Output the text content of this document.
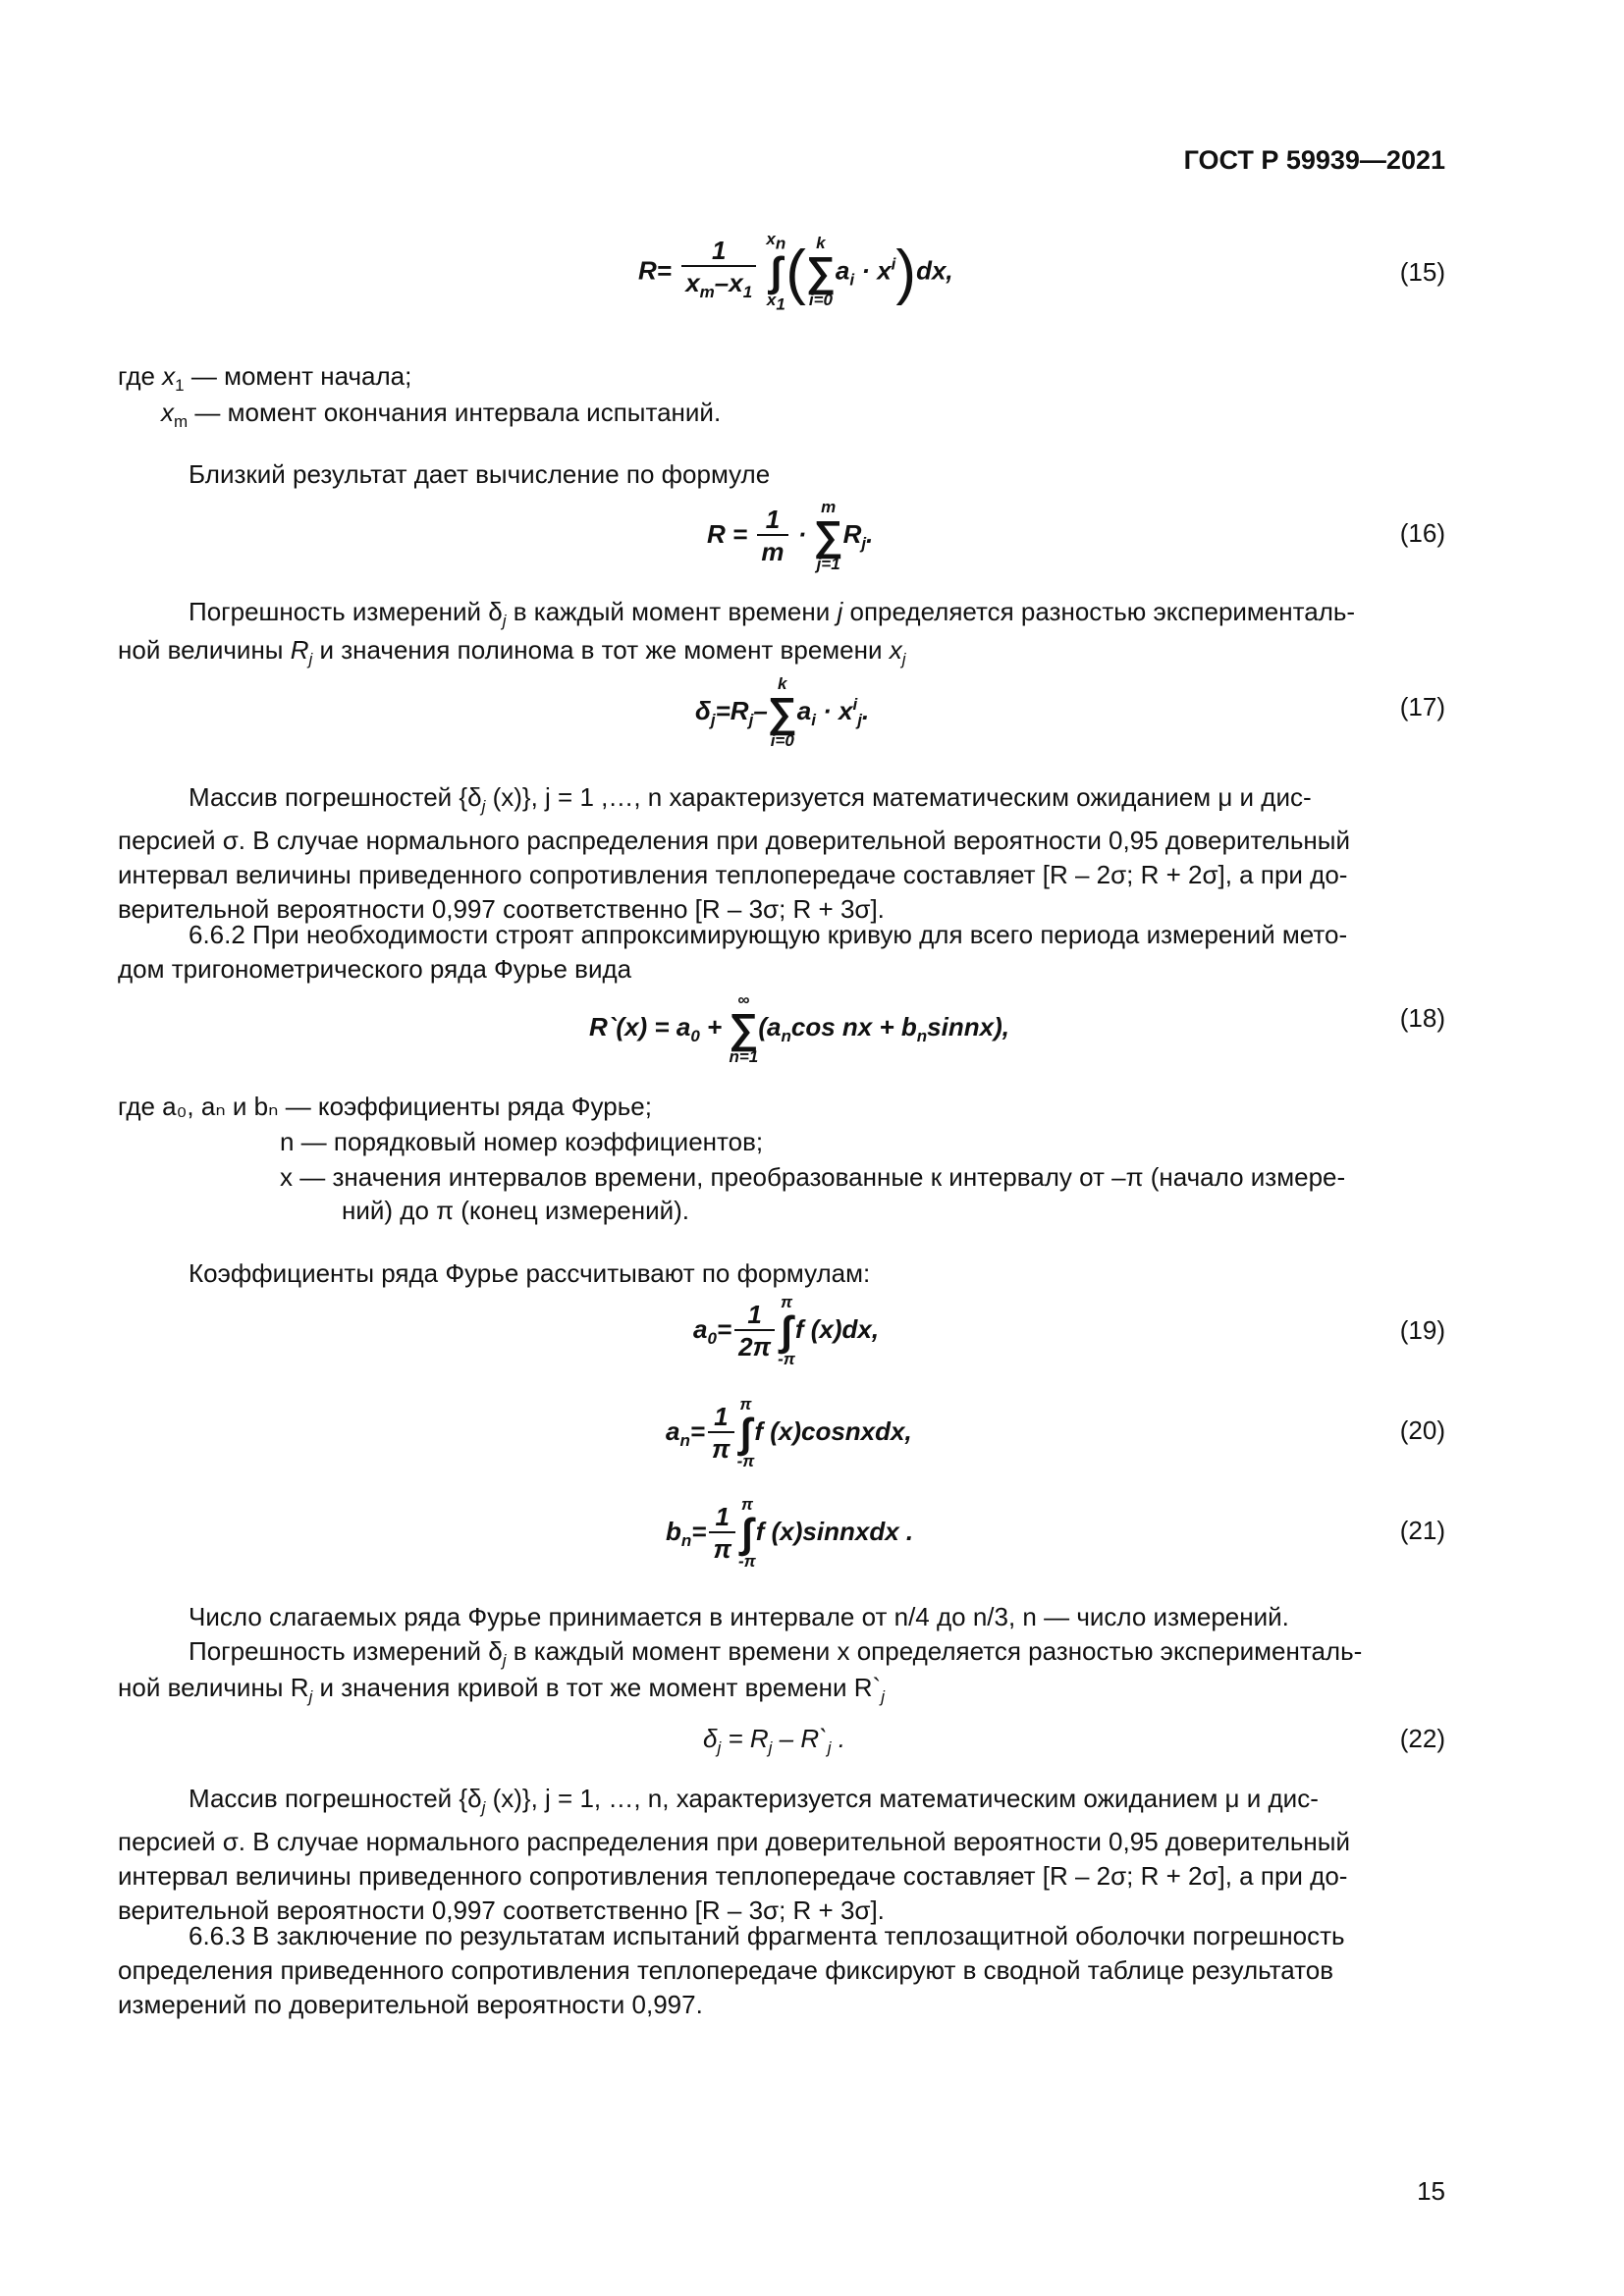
ГОСТ Р 59939—2021
$R= \frac{1}{x_m-x_1}$
$x_n$
∫
$x_1$ ( k
∑
i=0
$a_i \cdot x^i)dx$,	(15)
где $x_1$ — момент начала;
$x_m$ — момент окончания интервала испытаний.
Близкий результат дает вычисление по формуле
$R = \frac{1}{m}$ ·
m
∑
j=1
$R_j$.	(16)
Погрешность измерений $\delta_j$ в каждый момент времени j определяется разностью эксперименталь-
ной величины $R_j$ и значения полинома в тот же момент времени $x_j$
$\delta_j=R_j-$
k
∑
i=0
$a_i \cdot x^i_j$.	(17)
Массив погрешностей {$\delta_j$ (x)}, j = 1 ,…, n характеризуется математическим ожиданием μ и дис-
персией σ. В случае нормального распределения при доверительной вероятности 0,95 доверительный
интервал величины приведенного сопротивления теплопередаче составляет [R – 2σ; R + 2σ], а при до-
верительной вероятности 0,997 соответственно [R – 3σ; R + 3σ].
6.6.2 При необходимости строят аппроксимирующую кривую для всего периода измерений мето-
дом тригонометрического ряда Фурье вида
R`(x) = $a_0$ +
∞
∑
n=1
($a_n\cos$ nx + $b_nsinnx$),	(18)
где a₀, aₙ и bₙ — коэффициенты ряда Фурье;
n — порядковый номер коэффициентов;
x — значения интервалов времени, преобразованные к интервалу от –π (начало измере-
ний) до π (конец измерений).
Коэффициенты ряда Фурье рассчитывают по формулам:
$a_0= \frac{1}{2\pi}$ π
∫
-π
f (x)dx,	(19)
$a_n= \frac{1}{\pi}$ π
∫
-π
f (x)cosnxdx,	(20)
$b_n= \frac{1}{\pi}$ π
∫
-π
f (x)sinnxdx .	(21)
Число слагаемых ряда Фурье принимается в интервале от n/4 до n/3, n — число измерений.
Погрешность измерений $\delta_j$ в каждый момент времени x определяется разностью эксперименталь-
ной величины $R_j$ и значения кривой в тот же момент времени $R`_j$
$\delta_j = R_j$ – $R`_j$ .	(22)
Массив погрешностей {$\delta_j$ (x)}, j = 1, …, n, характеризуется математическим ожиданием μ и дис-
персией σ. В случае нормального распределения при доверительной вероятности 0,95 доверительный
интервал величины приведенного сопротивления теплопередаче составляет [R – 2σ; R + 2σ], а при до-
верительной вероятности 0,997 соответственно [R – 3σ; R + 3σ].
6.6.3 В заключение по результатам испытаний фрагмента теплозащитной оболочки погрешность
определения приведенного сопротивления теплопередаче фиксируют в сводной таблице результатов
измерений по доверительной вероятности 0,997.
15
